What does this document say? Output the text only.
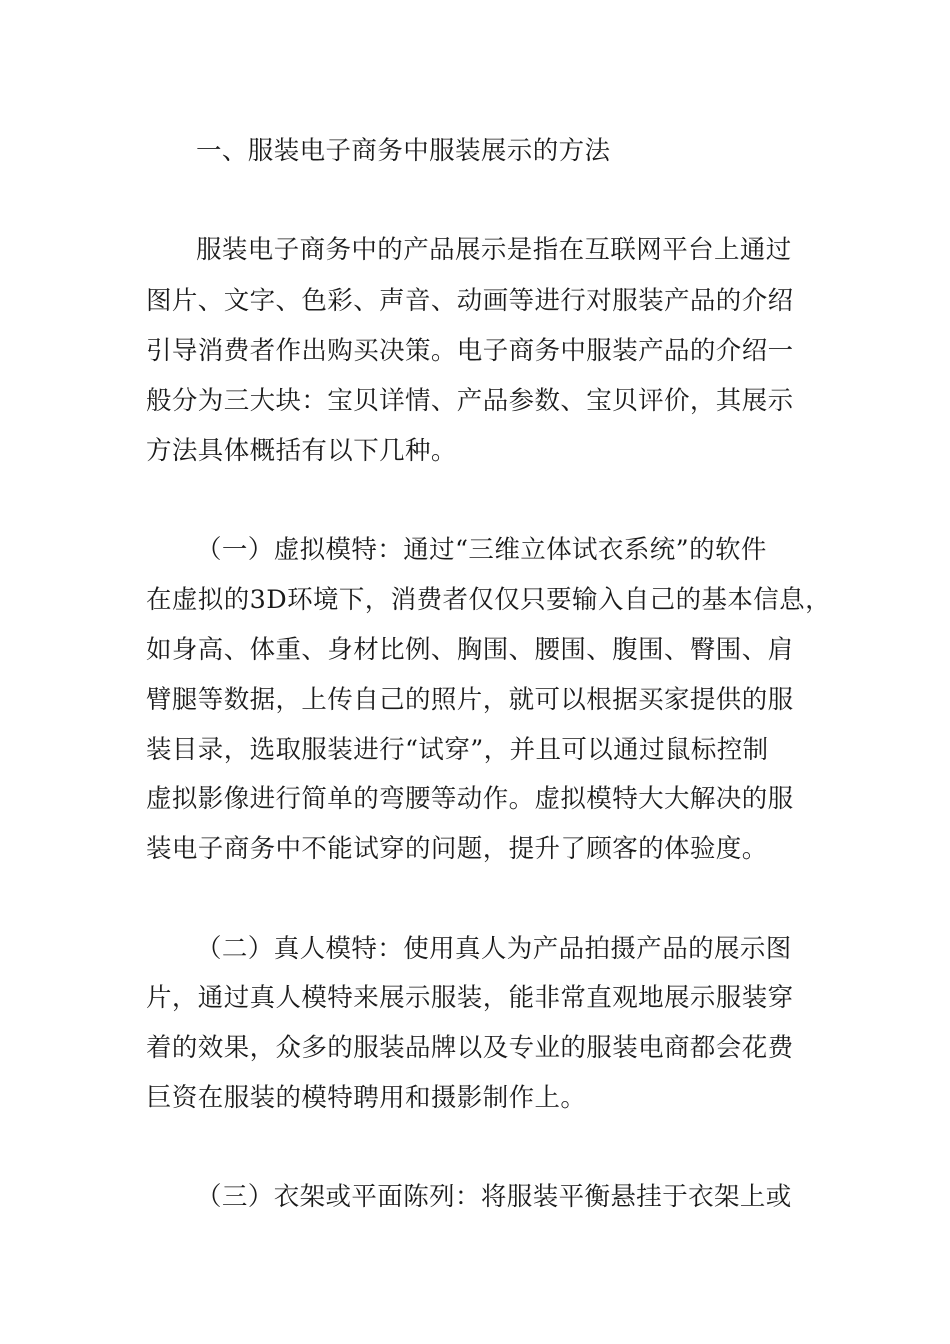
一、服装电子商务中服装展示的方法
服装电子商务中的产品展示是指在互联网平台上通过
图片、文字、色彩、声音、动画等进行对服装产品的介绍
引导消费者作出购买决策。电子商务中服装产品的介绍一
般分为三大块：宝贝详情、产品参数、宝贝评价，其展示
方法具体概括有以下几种。
（一）虚拟模特：通过“三维立体试衣系统”的软件
在虚拟的3D环境下，消费者仅仅只要输入自己的基本信息，
如身高、体重、身材比例、胸围、腰围、腹围、臀围、肩
臂腿等数据，上传自己的照片，就可以根据买家提供的服
装目录，选取服装进行“试穿”，并且可以通过鼠标控制
虚拟影像进行简单的弯腰等动作。虚拟模特大大解决的服
装电子商务中不能试穿的问题，提升了顾客的体验度。
（二）真人模特：使用真人为产品拍摄产品的展示图
片，通过真人模特来展示服装，能非常直观地展示服装穿
着的效果，众多的服装品牌以及专业的服装电商都会花费
巨资在服装的模特聘用和摄影制作上。
（三）衣架或平面陈列：将服装平衡悬挂于衣架上或
